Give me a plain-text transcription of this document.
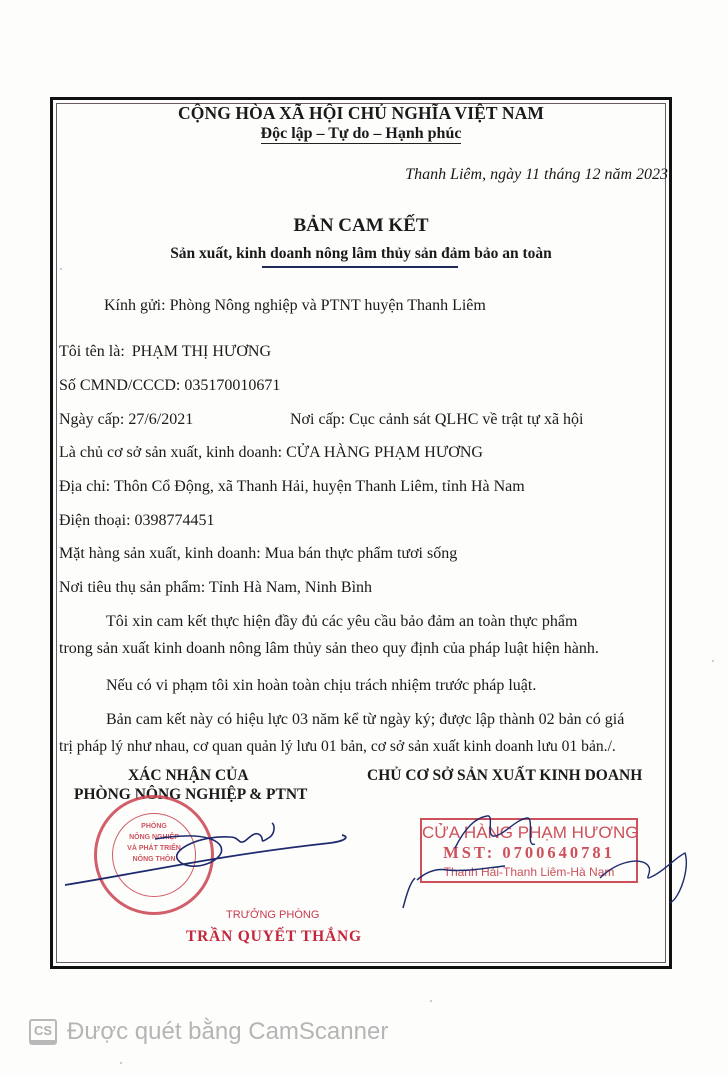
CỘNG HÒA XÃ HỘI CHỦ NGHĨA VIỆT NAM
Độc lập – Tự do – Hạnh phúc
Thanh Liêm, ngày 11 tháng 12 năm 2023
BẢN CAM KẾT
Sản xuất, kinh doanh nông lâm thủy sản đảm bảo an toàn
Kính gửi: Phòng Nông nghiệp và PTNT huyện Thanh Liêm
Tôi tên là: PHẠM THỊ HƯƠNG
Số CMND/CCCD: 035170010671
Ngày cấp: 27/6/2021	Nơi cấp: Cục cảnh sát QLHC về trật tự xã hội
Là chủ cơ sở sản xuất, kinh doanh: CỬA HÀNG PHẠM HƯƠNG
Địa chỉ: Thôn Cổ Động, xã Thanh Hải, huyện Thanh Liêm, tỉnh Hà Nam
Điện thoại: 0398774451
Mặt hàng sản xuất, kinh doanh: Mua bán thực phẩm tươi sống
Nơi tiêu thụ sản phẩm: Tỉnh Hà Nam, Ninh Bình
Tôi xin cam kết thực hiện đầy đủ các yêu cầu bảo đảm an toàn thực phẩm
trong sản xuất kinh doanh nông lâm thủy sản theo quy định của pháp luật hiện hành.
Nếu có vi phạm tôi xin hoàn toàn chịu trách nhiệm trước pháp luật.
Bản cam kết này có hiệu lực 03 năm kể từ ngày ký; được lập thành 02 bản có giá
trị pháp lý như nhau, cơ quan quản lý lưu 01 bản, cơ sở sản xuất kinh doanh lưu 01 bản./.
XÁC NHẬN CỦA
PHÒNG NÔNG NGHIỆP & PTNT
CHỦ CƠ SỞ SẢN XUẤT KINH DOANH
PHÒNG
NÔNG NGHIỆP
VÀ PHÁT TRIỂN
NÔNG THÔN
TRƯỞNG PHÒNG
TRẦN QUYẾT THẮNG
CỬA HÀNG PHẠM HƯƠNG
MST: 0700640781
Thanh Hải-Thanh Liêm-Hà Nam
CS Được quét bằng CamScanner
